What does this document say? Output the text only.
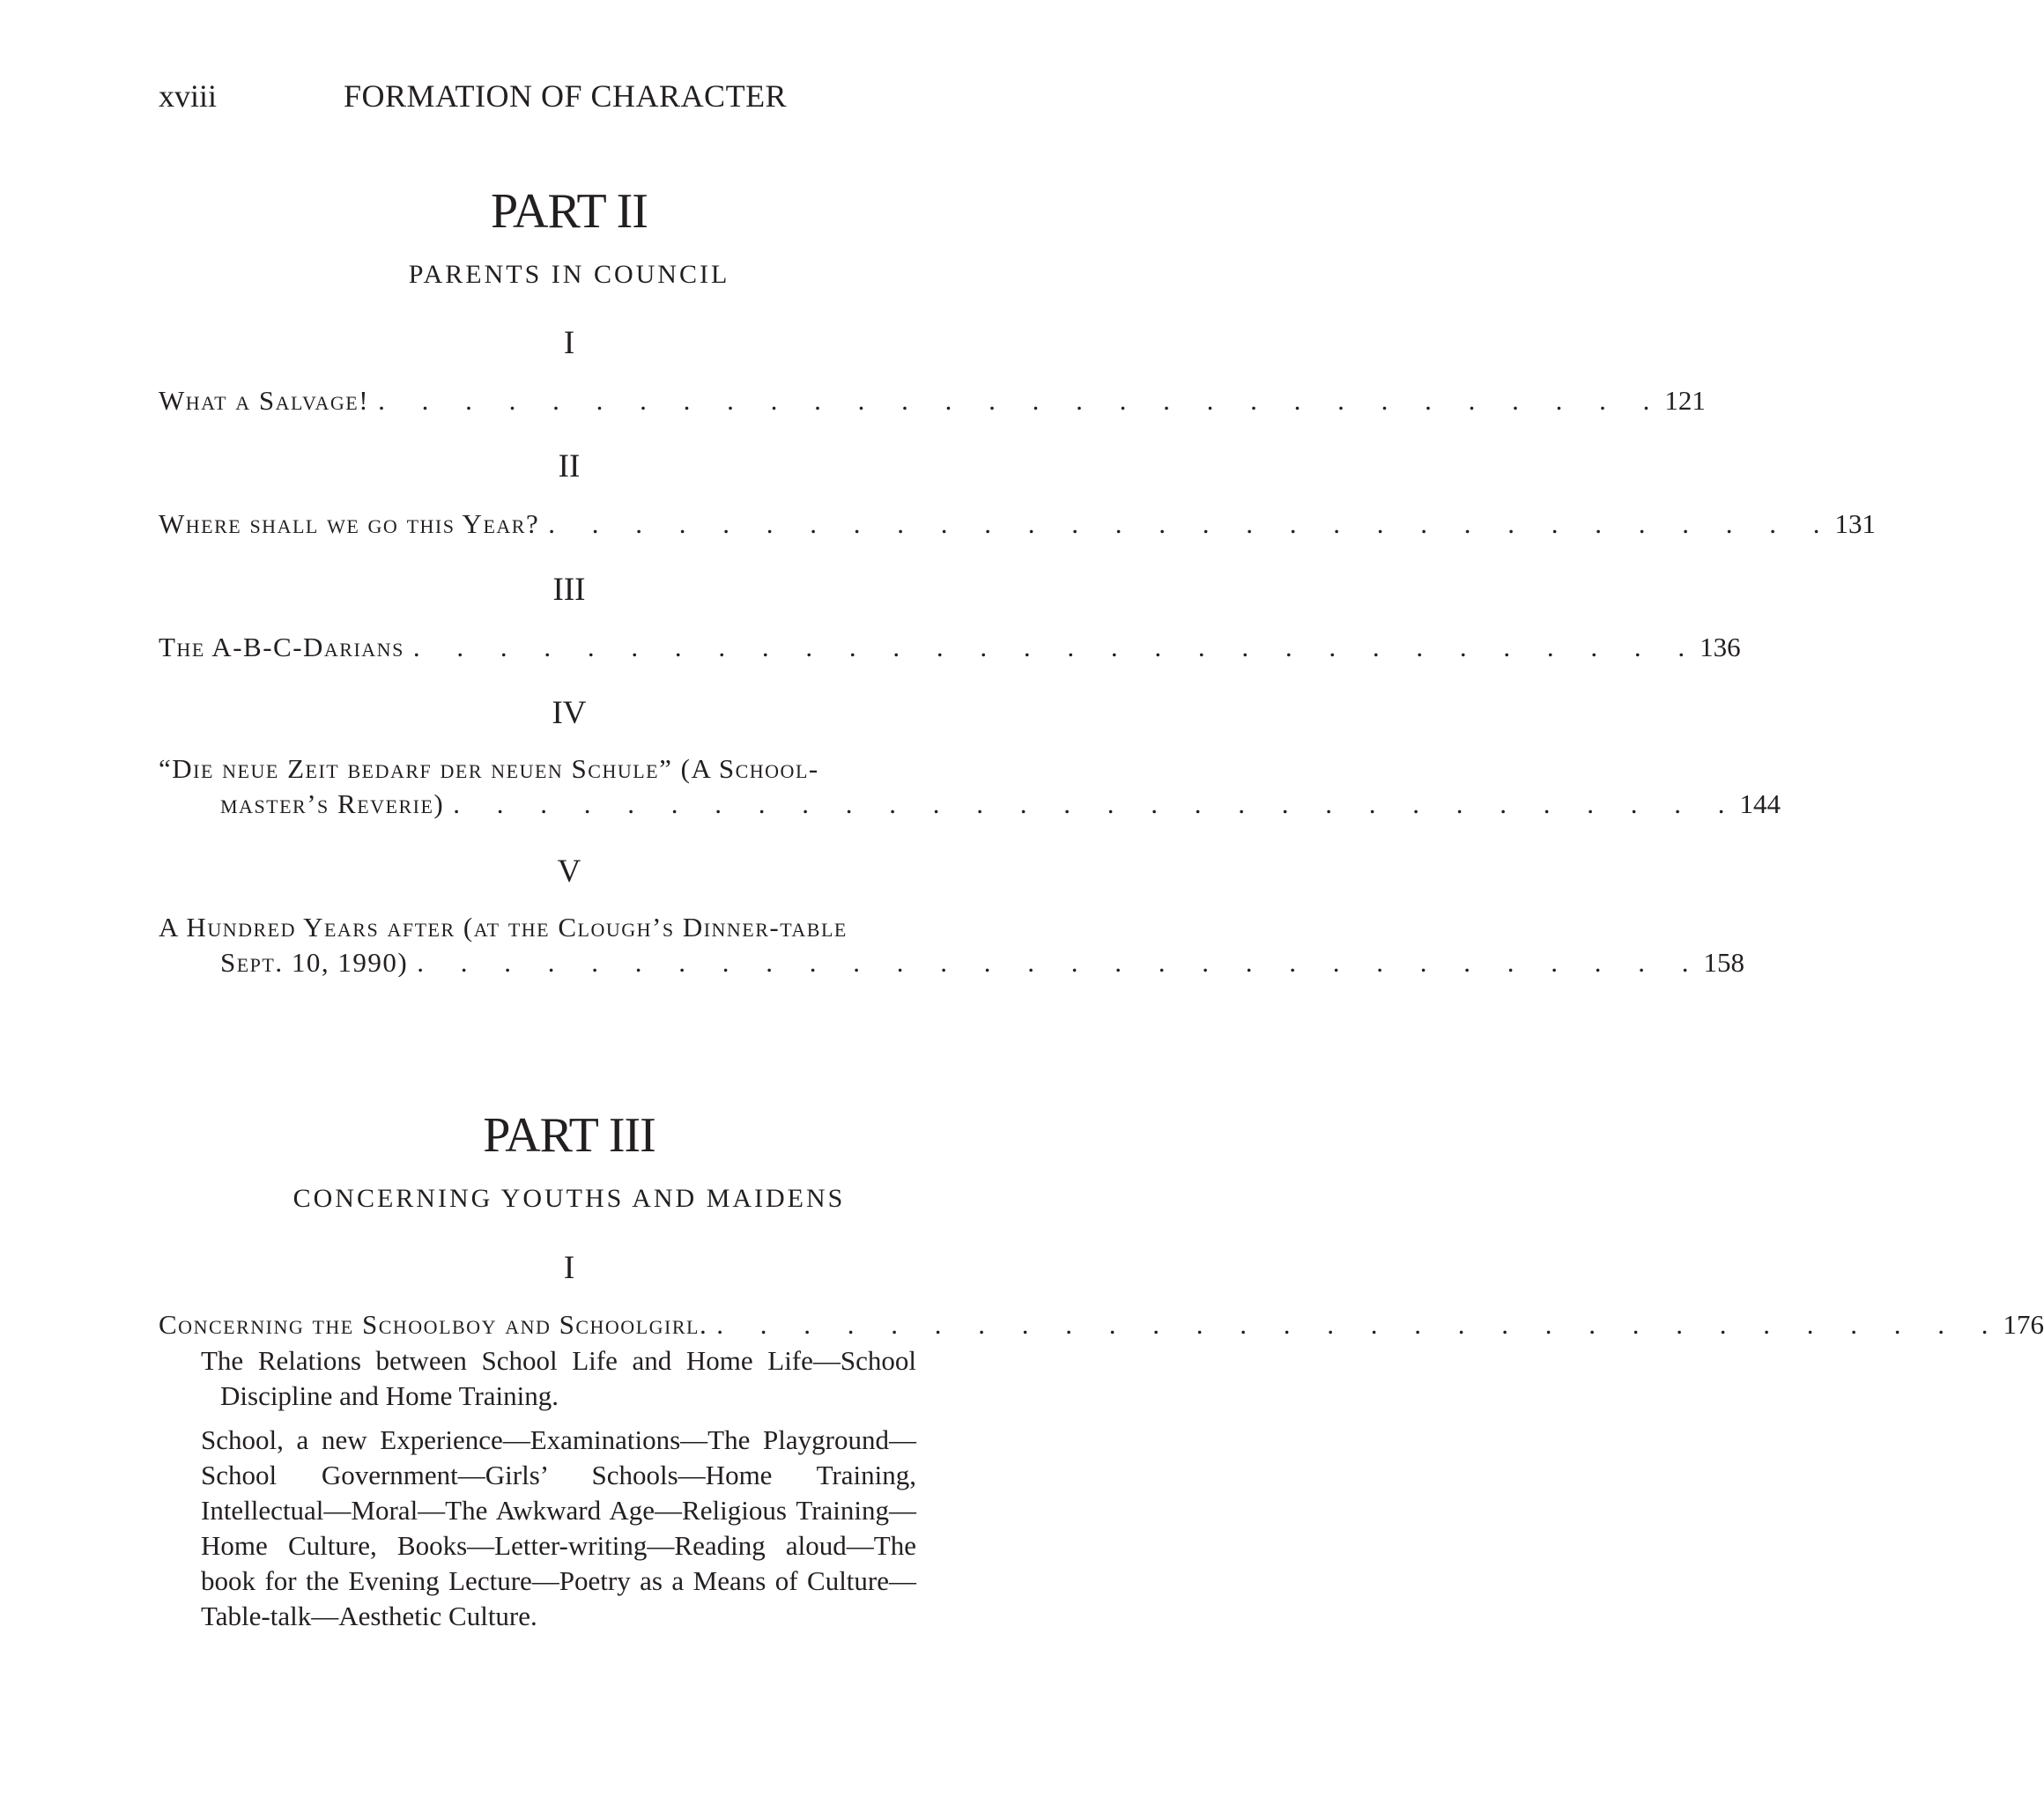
xviii	FORMATION OF CHARACTER
PART II
PARENTS IN COUNCIL
I
What a Salvage! . . . . . . . . . . . . . . . . . . . . . . . . . . . . . . 121
II
Where shall we go this Year? . . . . . . . . . . . . . . . . . . . . . . . . . . . . . . 131
III
The A-B-C-Darians . . . . . . . . . . . . . . . . . . . . . . . . . . . . . . 136
IV
“Die neue Zeit bedarf der neuen Schule” (A School-
master’s Reverie) . . . . . . . . . . . . . . . . . . . . . . . . . . . . . . 144
V
A Hundred Years after (at the Clough’s Dinner-table
Sept. 10, 1990) . . . . . . . . . . . . . . . . . . . . . . . . . . . . . . 158
PART III
CONCERNING YOUTHS AND MAIDENS
I
Concerning the Schoolboy and Schoolgirl. . . . . . . . . . . . . . . . . . . . . . . . . . . . . . . 176

The Relations between School Life and Home Life—School Discipline and Home Training.

School, a new Experience—Examinations—The Playground—School Government—Girls’ Schools—Home Training, Intellectual—Moral—The Awkward Age—Religious Training—Home Culture, Books—Letter-writing—Reading aloud—The book for the Evening Lecture—Poetry as a Means of Culture—Table-talk—Aesthetic Culture.
